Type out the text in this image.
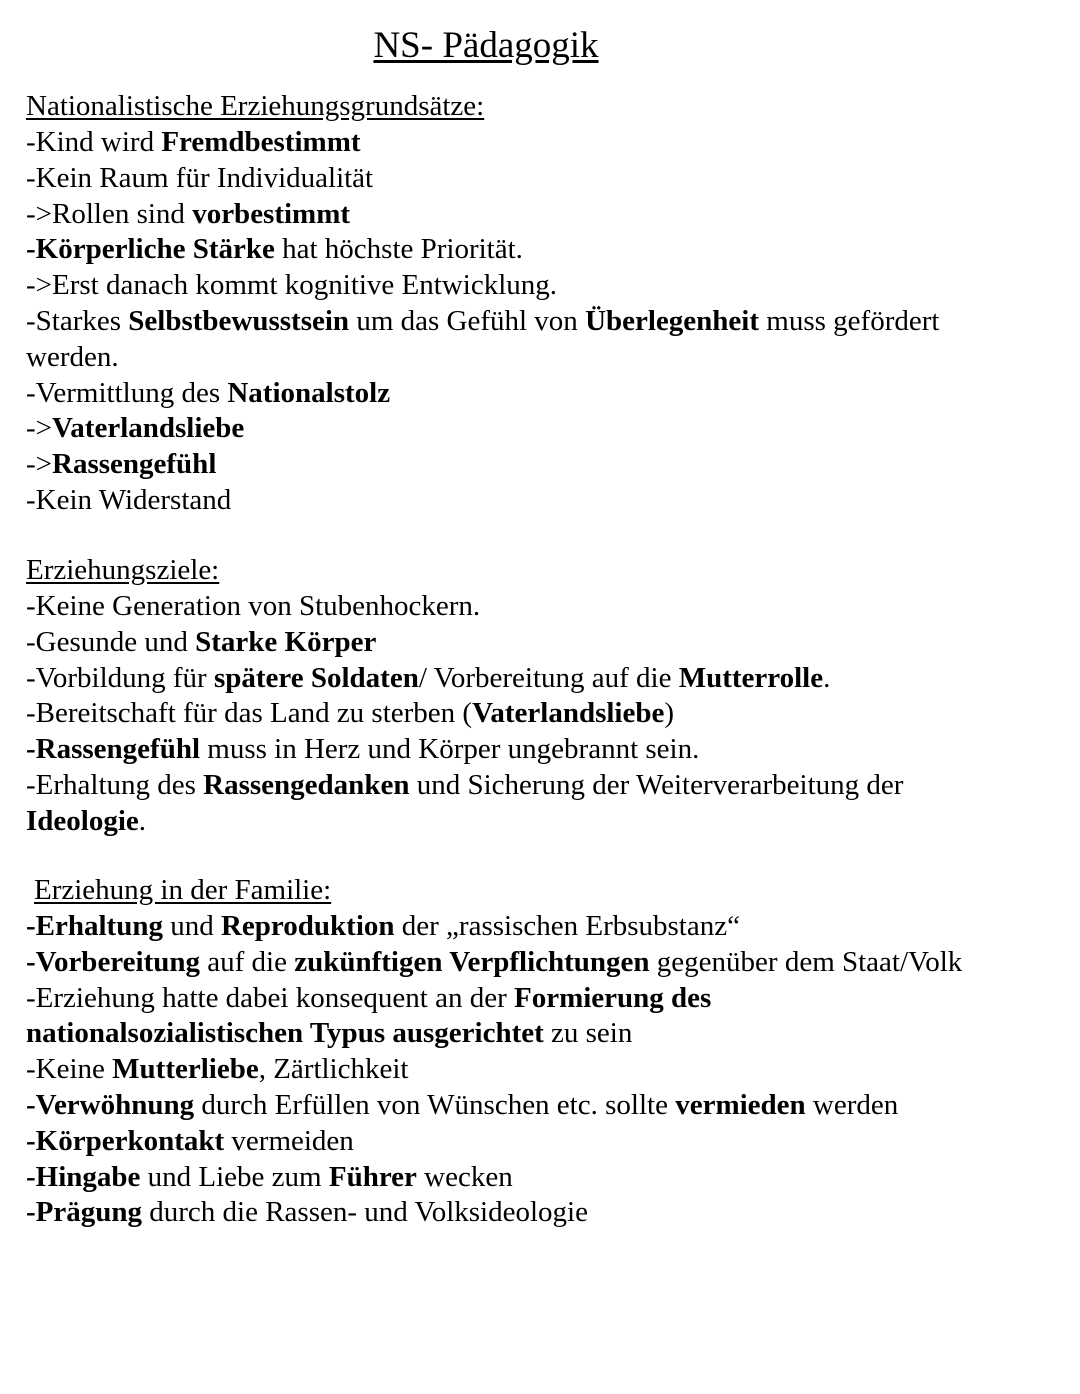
NS- Pädagogik
Nationalistische Erziehungsgrundsätze:
-Kind wird Fremdbestimmt
-Kein Raum für Individualität
->Rollen sind vorbestimmt
-Körperliche Stärke hat höchste Priorität.
->Erst danach kommt kognitive Entwicklung.
-Starkes Selbstbewusstsein um das Gefühl von Überlegenheit muss gefördert
werden.
-Vermittlung des Nationalstolz
->Vaterlandsliebe
->Rassengefühl
-Kein Widerstand
Erziehungsziele:
-Keine Generation von Stubenhockern.
-Gesunde und Starke Körper
-Vorbildung für spätere Soldaten/ Vorbereitung auf die Mutterrolle.
-Bereitschaft für das Land zu sterben (Vaterlandsliebe)
-Rassengefühl muss in Herz und Körper ungebrannt sein.
-Erhaltung des Rassengedanken und Sicherung der Weiterverarbeitung der
Ideologie.
Erziehung in der Familie:
-Erhaltung und Reproduktion der „rassischen Erbsubstanz“
-Vorbereitung auf die zukünftigen Verpflichtungen gegenüber dem Staat/Volk
-Erziehung hatte dabei konsequent an der Formierung des
nationalsozialistischen Typus ausgerichtet zu sein
-Keine Mutterliebe, Zärtlichkeit
-Verwöhnung durch Erfüllen von Wünschen etc. sollte vermieden werden
-Körperkontakt vermeiden
-Hingabe und Liebe zum Führer wecken
-Prägung durch die Rassen- und Volksideologie
